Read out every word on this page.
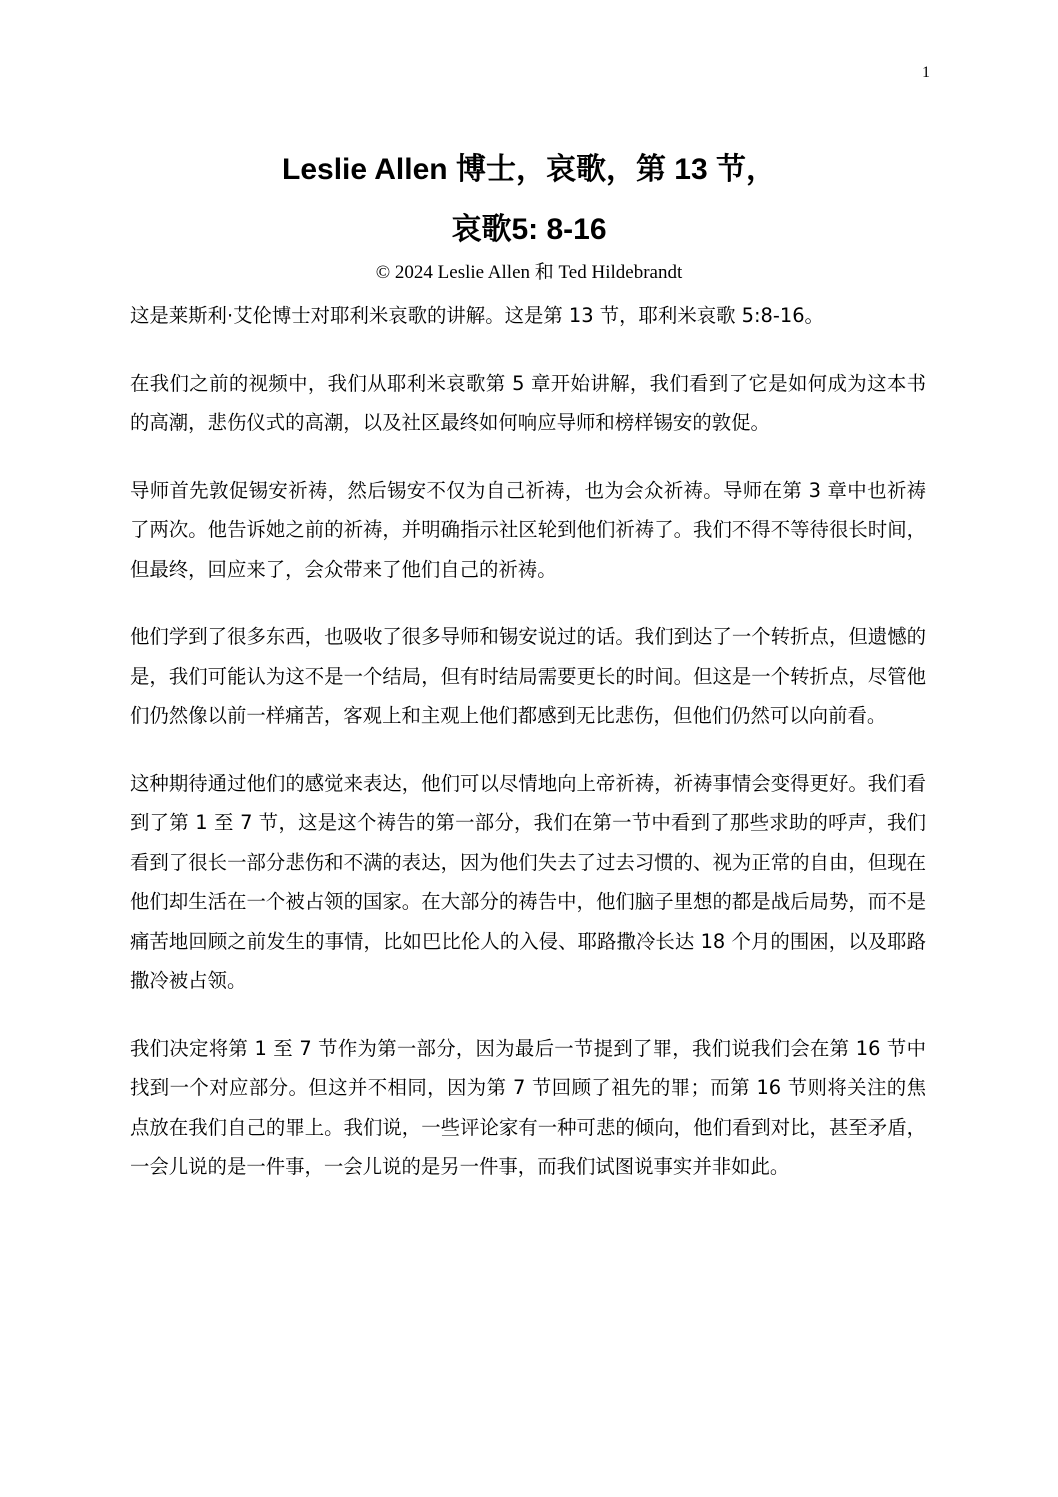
1

Leslie Allen 博士，哀歌，第 13 节，

哀歌5: 8-16

© 2024 Leslie Allen 和 Ted Hildebrandt

这是莱斯利·艾伦博士对耶利米哀歌的讲解。这是第 13 节，耶利米哀歌 5:8-16。

在我们之前的视频中，我们从耶利米哀歌第 5 章开始讲解，我们看到了它是如何成为这本书的高潮，悲伤仪式的高潮，以及社区最终如何响应导师和榜样锡安的敦促。

导师首先敦促锡安祈祷，然后锡安不仅为自己祈祷，也为会众祈祷。导师在第 3 章中也祈祷了两次。他告诉她之前的祈祷，并明确指示社区轮到他们祈祷了。我们不得不等待很长时间，但最终，回应来了，会众带来了他们自己的祈祷。

他们学到了很多东西，也吸收了很多导师和锡安说过的话。我们到达了一个转折点，但遗憾的是，我们可能认为这不是一个结局，但有时结局需要更长的时间。但这是一个转折点，尽管他们仍然像以前一样痛苦，客观上和主观上他们都感到无比悲伤，但他们仍然可以向前看。

这种期待通过他们的感觉来表达，他们可以尽情地向上帝祈祷，祈祷事情会变得更好。我们看到了第 1 至 7 节，这是这个祷告的第一部分，我们在第一节中看到了那些求助的呼声，我们看到了很长一部分悲伤和不满的表达，因为他们失去了过去习惯的、视为正常的自由，但现在他们却生活在一个被占领的国家。在大部分的祷告中，他们脑子里想的都是战后局势，而不是痛苦地回顾之前发生的事情，比如巴比伦人的入侵、耶路撒冷长达 18 个月的围困，以及耶路撒冷被占领。

我们决定将第 1 至 7 节作为第一部分，因为最后一节提到了罪，我们说我们会在第 16 节中找到一个对应部分。但这并不相同，因为第 7 节回顾了祖先的罪；而第 16 节则将关注的焦点放在我们自己的罪上。我们说，一些评论家有一种可悲的倾向，他们看到对比，甚至矛盾，一会儿说的是一件事，一会儿说的是另一件事，而我们试图说事实并非如此。
